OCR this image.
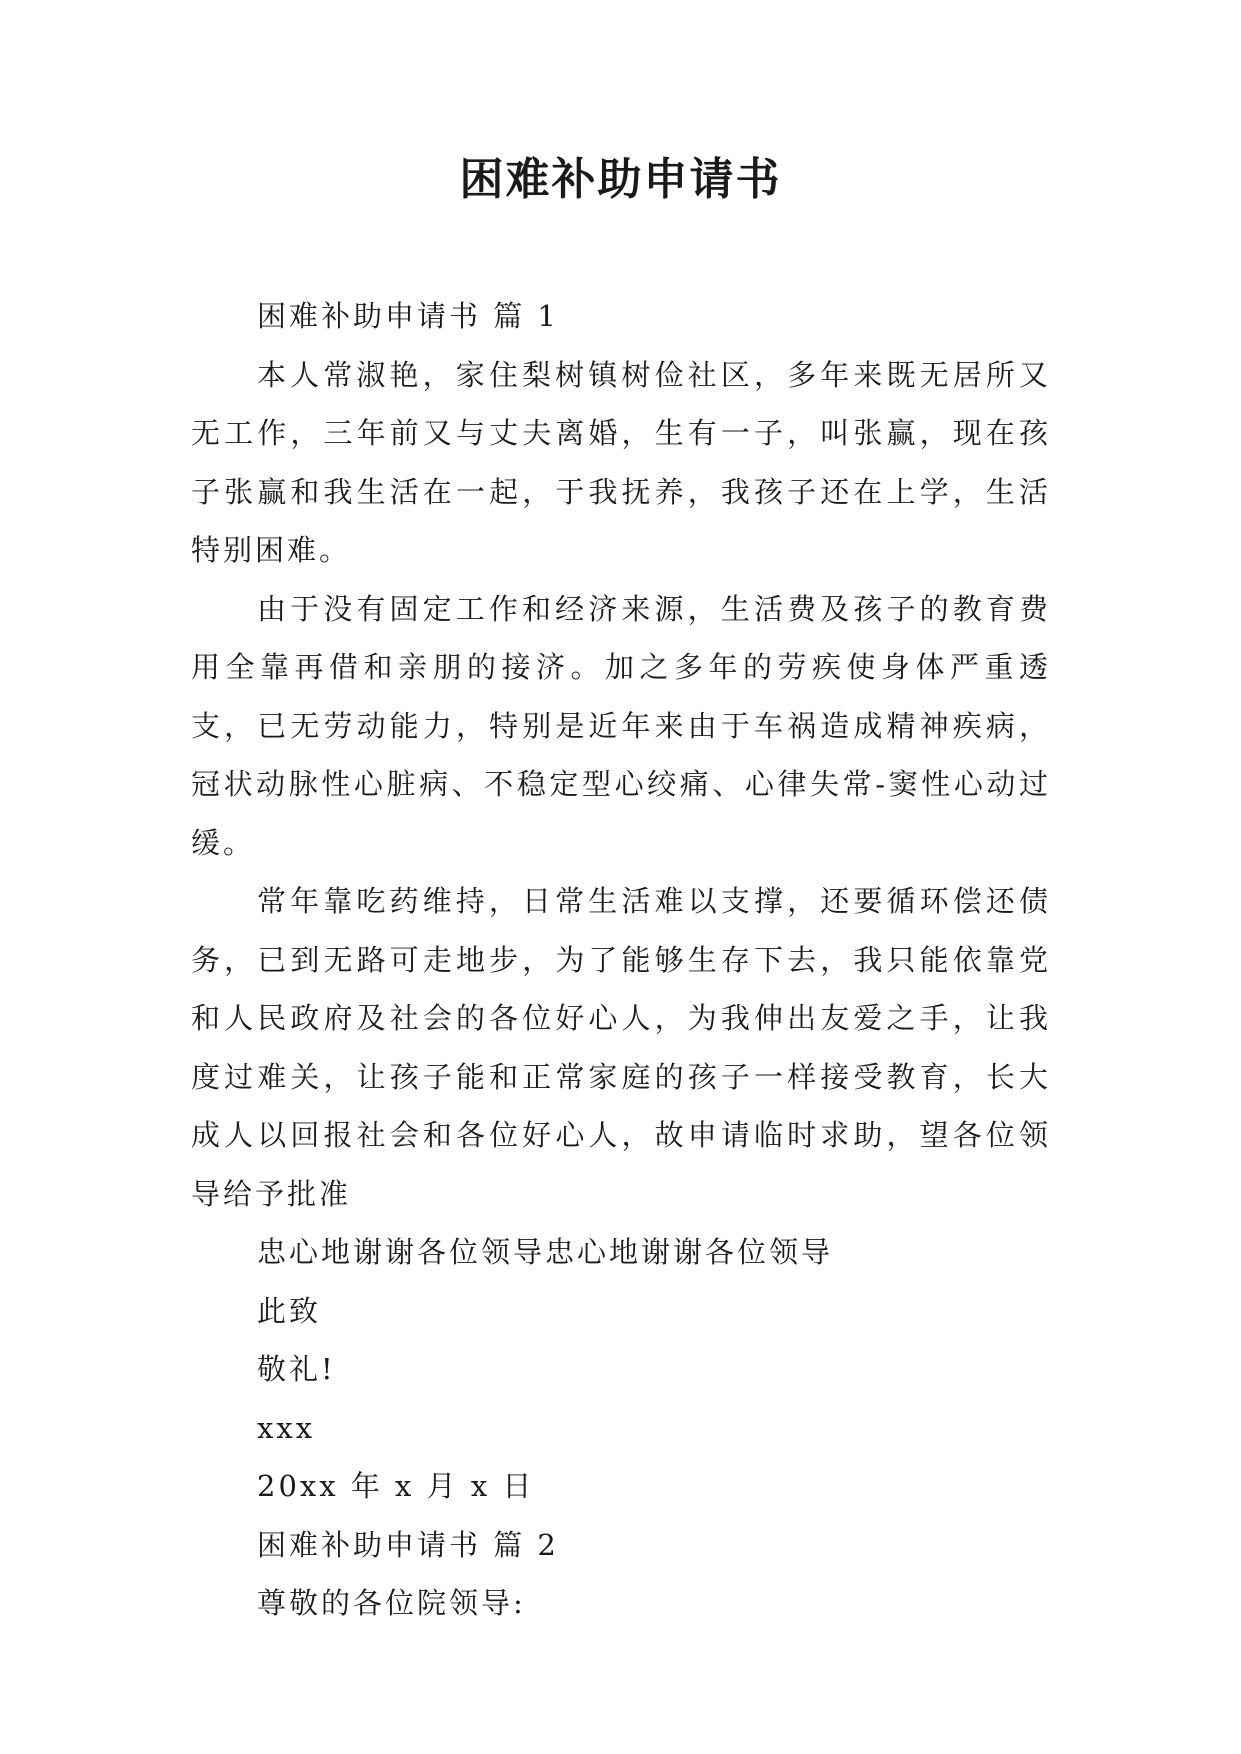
困难补助申请书

困难补助申请书 篇 1

本人常淑艳，家住梨树镇树俭社区，多年来既无居所又无工作，三年前又与丈夫离婚，生有一子，叫张赢，现在孩子张赢和我生活在一起，于我抚养，我孩子还在上学，生活特别困难。

由于没有固定工作和经济来源，生活费及孩子的教育费用全靠再借和亲朋的接济。加之多年的劳疾使身体严重透支，已无劳动能力，特别是近年来由于车祸造成精神疾病，冠状动脉性心脏病、不稳定型心绞痛、心律失常-窦性心动过缓。

常年靠吃药维持，日常生活难以支撑，还要循环偿还债务，已到无路可走地步，为了能够生存下去，我只能依靠党和人民政府及社会的各位好心人，为我伸出友爱之手，让我度过难关，让孩子能和正常家庭的孩子一样接受教育，长大成人以回报社会和各位好心人，故申请临时求助，望各位领导给予批准

忠心地谢谢各位领导忠心地谢谢各位领导

此致

敬礼!

xxx

20xx 年 x 月 x 日

困难补助申请书 篇 2

尊敬的各位院领导:
